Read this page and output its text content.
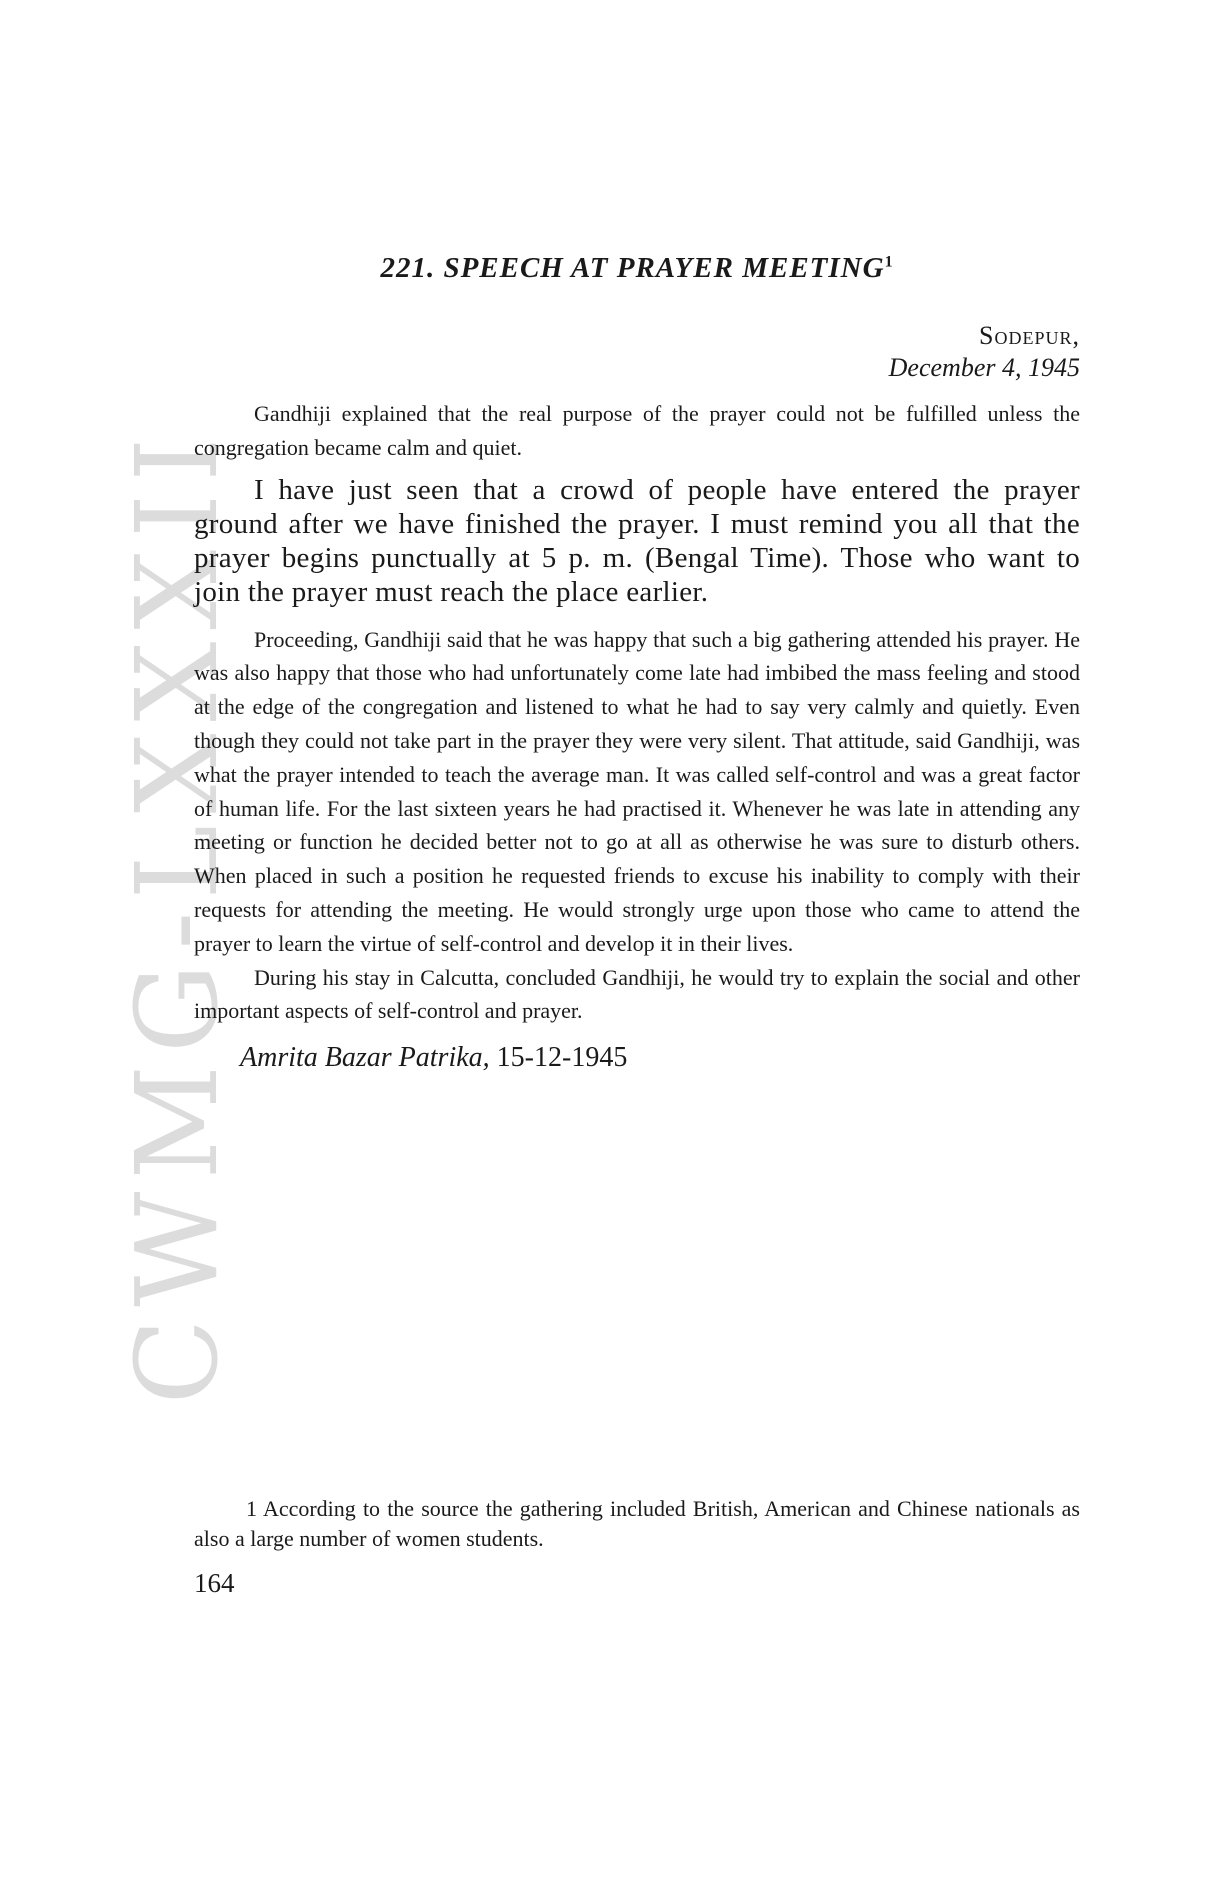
CWMG-LXXXII
221. SPEECH AT PRAYER MEETING$^1$

Sodepur,

December 4, 1945

Gandhiji explained that the real purpose of the prayer could not be fulfilled unless the congregation became calm and quiet.

I have just seen that a crowd of people have entered the prayer ground after we have finished the prayer. I must remind you all that the prayer begins punctually at 5 p. m. (Bengal Time). Those who want to join the prayer must reach the place earlier.

Proceeding, Gandhiji said that he was happy that such a big gathering attended his prayer. He was also happy that those who had unfortunately come late had imbibed the mass feeling and stood at the edge of the congregation and listened to what he had to say very calmly and quietly. Even though they could not take part in the prayer they were very silent. That attitude, said Gandhiji, was what the prayer intended to teach the average man. It was called self-control and was a great factor of human life. For the last sixteen years he had practised it. Whenever he was late in attending any meeting or function he decided better not to go at all as otherwise he was sure to disturb others. When placed in such a position he requested friends to excuse his inability to comply with their requests for attending the meeting. He would strongly urge upon those who came to attend the prayer to learn the virtue of self-control and develop it in their lives.

During his stay in Calcutta, concluded Gandhiji, he would try to explain the social and other important aspects of self-control and prayer.

Amrita Bazar Patrika, 15-12-1945

1 According to the source the gathering included British, American and Chinese nationals as also a large number of women students.

164
